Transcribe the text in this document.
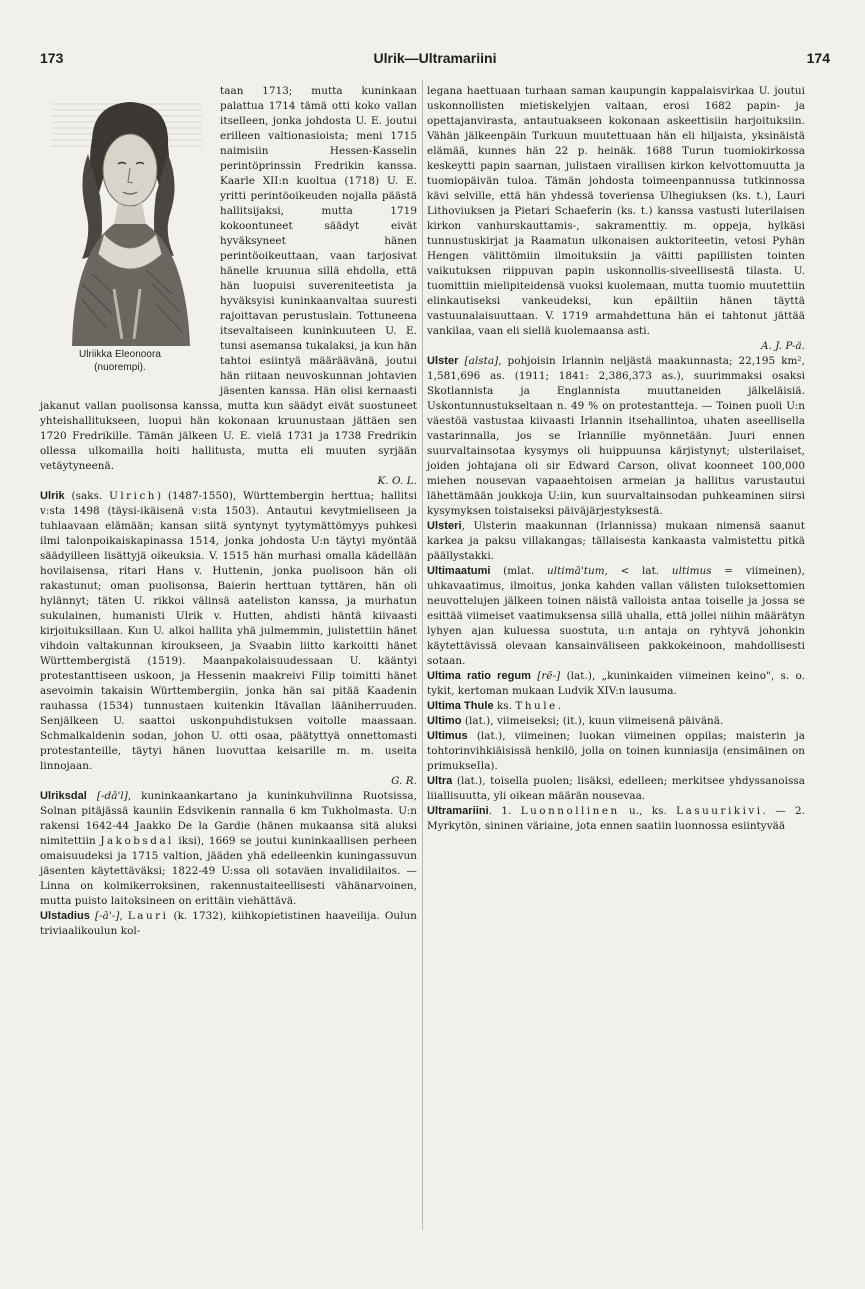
173	Ulrik—Ultramariini	174
Ulriikka Eleonoora
(nuorempi).

taan 1713; mutta kuninkaan palattua 1714 tämä otti koko vallan itselleen, jonka johdosta U. E. joutui erilleen valtionasioista; meni 1715 naimisiin Hessen-Kasselin perintöprinssin Fredrikin kanssa. Kaarle XII:n kuoltua (1718) U. E. yritti perintöoikeuden nojalla päästä hallitsijaksi, mutta 1719 kokoontuneet säädyt eivät hyväksyneet hänen perintöoikeuttaan, vaan tarjosivat hänelle kruunua sillä ehdolla, että hän luopuisi suvereniteetista ja hyväksyisi kuninkaanvaltaa suuresti rajoittavan perustuslain. Tottuneena itsevaltaiseen kuninkuuteen U. E. tunsi asemansa tukalaksi, ja kun hän tahtoi esiintyä määräävänä, joutui hän riitaan neuvoskunnan johtavien jäsenten kanssa. Hän olisi kernaasti jakanut vallan puolisonsa kanssa, mutta kun säädyt eivät suostuneet yhteishallitukseen, luopui hän kokonaan kruunustaan jättäen sen 1720 Fredrikille. Tämän jälkeen U. E. vielä 1731 ja 1738 Fredrikin ollessa ulkomailla hoiti hallitusta, mutta eli muuten syrjään vetäytyneenä.

K. O. L.

Ulrik (saks. Ulrich) (1487-1550), Württembergin herttua; hallitsi v:sta 1498 (täysi-ikäisenä v:sta 1503). Antautui kevytmieliseen ja tuhlaavaan elämään; kansan siitä syntynyt tyytymättömyys puhkesi ilmi talonpoikaiskapinassa 1514, jonka johdosta U:n täytyi myöntää säädyilleen lisättyjä oikeuksia. V. 1515 hän murhasi omalla kädellään hovilaisensa, ritari Hans v. Huttenin, jonka puolisoon hän oli rakastunut; oman puolisonsa, Baierin herttuan tyttären, hän oli hylännyt; täten U. rikkoi välinsä aateliston kanssa, ja murhatun sukulainen, humanisti Ulrik v. Hutten, ahdisti häntä kiivaasti kirjoituksillaan. Kun U. alkoi hallita yhä julmemmin, julistettiin hänet vihdoin valtakunnan kiroukseen, ja Svaabin liitto karkoitti hänet Württembergistä (1519). Maanpakolaisuudessaan U. kääntyi protestanttiseen uskoon, ja Hessenin maakreivi Filip toimitti hänet asevoimin takaisin Württembergiin, jonka hän sai pitää Kaadenin rauhassa (1534) tunnustaen kuitenkin Itävallan lääniherruuden. Senjälkeen U. saattoi uskonpuhdistuksen voitolle maassaan. Schmalkaldenin sodan, johon U. otti osaa, päätyttyä onnettomasti protestanteille, täytyi hänen luovuttaa keisarille m. m. useita linnojaan.

G. R.

Ulriksdal [-dā'l], kuninkaankartano ja kuninkuhvilinna Ruotsissa, Solnan pitäjässä kauniin Edsvikenin rannalla 6 km Tukholmasta. U:n rakensi 1642-44 Jaakko De la Gardie (hänen mukaansa sitä aluksi nimitettiin Jakobsdal iksi), 1669 se joutui kuninkaallisen perheen omaisuudeksi ja 1715 valtion, jääden yhä edelleenkin kuningassuvun jäsenten käytettäväksi; 1822-49 U:ssa oli sotaväen invalidilaitos. — Linna on kolmikerroksinen, rakennustaiteellisesti vähänarvoinen, mutta puisto laitoksineen on erittäin viehättävä.

Ulstadius [-ā'-], Lauri (k. 1732), kiihkopietistinen haaveilija. Oulun triviaalikoulun kol-

legana haettuaan turhaan saman kaupungin kappalaisvirkaa U. joutui uskonnollisten mietiskelyjen valtaan, erosi 1682 papin- ja opettajanvirasta, antautuakseen kokonaan askeettisiin harjoituksiin. Vähän jälkeenpäin Turkuun muutettuaan hän eli hiljaista, yksinäistä elämää, kunnes hän 22 p. heinäk. 1688 Turun tuomiokirkossa keskeytti papin saarnan, julistaen virallisen kirkon kelvottomuutta ja tuomiopäivän tuloa. Tämän johdosta toimeenpannussa tutkinnossa kävi selville, että hän yhdessä toveriensa Ulhegiuksen (ks. t.), Lauri Lithoviuksen ja Pietari Schaeferin (ks. t.) kanssa vastusti luterilaisen kirkon vanhurskauttamis-, sakramenttiy. m. oppeja, hylkäsi tunnustuskirjat ja Raamatun ulkonaisen auktoriteetin, vetosi Pyhän Hengen välittömiin ilmoituksiin ja väitti papillisten tointen vaikutuksen riippuvan papin uskonnollis-siveellisestä tilasta. U. tuomittiin mielipiteidensä vuoksi kuolemaan, mutta tuomio muutettiin elinkautiseksi vankeudeksi, kun epäiltiin hänen täyttä vastuunalaisuuttaan. V. 1719 armahdettuna hän ei tahtonut jättää vankilaa, vaan eli siellä kuolemaansa asti.

A. J. P-ä.

Ulster [alsta], pohjoisin Irlannin neljästä maakunnasta; 22,195 km², 1,581,696 as. (1911; 1841: 2,386,373 as.), suurimmaksi osaksi Skotlannista ja Englannista muuttaneiden jälkeläisiä. Uskontunnustukseltaan n. 49 % on protestantteja. — Toinen puoli U:n väestöä vastustaa kiivaasti Irlannin itsehallintoa, uhaten aseellisella vastarinnalla, jos se Irlannille myönnetään. Juuri ennen suurvaltainsotaa kysymys oli huippuunsa kärjistynyt; ulsterilaiset, joiden johtajana oli sir Edward Carson, olivat koonneet 100,000 miehen nousevan vapaaehtoisen armeian ja hallitus varustautui lähettämään joukkoja U:iin, kun suurvaltainsodan puhkeaminen siirsi kysymyksen toistaiseksi päiväjärjestyksestä.

Ulsteri, Ulsterin maakunnan (Irlannissa) mukaan nimensä saanut karkea ja paksu villakangas; tällaisesta kankaasta valmistettu pitkä päällystakki.

Ultimaatumi (mlat. ultimā'tum, < lat. ultimus = viimeinen), uhkavaatimus, ilmoitus, jonka kahden vallan välisten tuloksettomien neuvottelujen jälkeen toinen näistä valloista antaa toiselle ja jossa se esittää viimeiset vaatimuksensa sillä uhalla, että jollei niihin määrätyn lyhyen ajan kuluessa suostuta, u:n antaja on ryhtyvä johonkin käytettävissä olevaan kansainväliseen pakkokeinoon, mahdollisesti sotaan.

Ultima ratio regum [rē-] (lat.), „kuninkaiden viimeinen keino", s. o. tykit, kertoman mukaan Ludvik XIV:n lausuma.

Ultima Thule ks. Thule.

Ultimo (lat.), viimeiseksi; (it.), kuun viimeisenä päivänä.

Ultimus (lat.), viimeinen; luokan viimeinen oppilas; maisterin ja tohtorinvihkiäisissä henkilö, jolla on toinen kunniasija (ensimäinen on primukseIla).

Ultra (lat.), toisella puolen; lisäksi, edelleen; merkitsee yhdyssanoissa liiallisuutta, yli oikean määrän nousevaa.

Ultramariini. 1. Luonnollinen u., ks. Lasuurikivi. — 2. Myrkytön, sininen väriaine, jota ennen saatiin luonnossa esiintyvää
